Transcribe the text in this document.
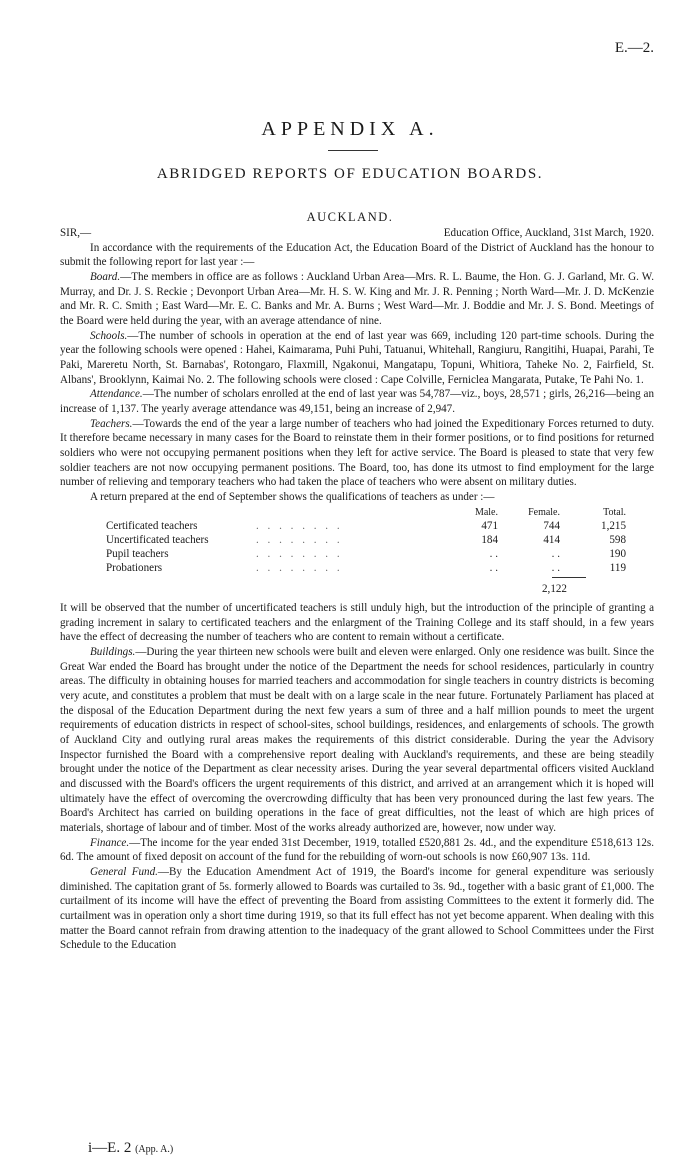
E.—2.
APPENDIX A.
ABRIDGED REPORTS OF EDUCATION BOARDS.
AUCKLAND.

SIR,—	Education Office, Auckland, 31st March, 1920.

In accordance with the requirements of the Education Act, the Education Board of the District of Auckland has the honour to submit the following report for last year :—

Board.—The members in office are as follows : Auckland Urban Area—Mrs. R. L. Baume, the Hon. G. J. Garland, Mr. G. W. Murray, and Dr. J. S. Reckie ; Devonport Urban Area—Mr. H. S. W. King and Mr. J. R. Penning ; North Ward—Mr. J. D. McKenzie and Mr. R. C. Smith ; East Ward—Mr. E. C. Banks and Mr. A. Burns ; West Ward—Mr. J. Boddie and Mr. J. S. Bond. Meetings of the Board were held during the year, with an average attendance of nine.

Schools.—The number of schools in operation at the end of last year was 669, including 120 part-time schools. During the year the following schools were opened : Hahei, Kaimarama, Puhi Puhi, Tatuanui, Whitehall, Rangiuru, Rangitihi, Huapai, Parahi, Te Paki, Mareretu North, St. Barnabas', Rotongaro, Flaxmill, Ngakonui, Mangatapu, Topuni, Whitiora, Taheke No. 2, Fairfield, St. Albans', Brooklynn, Kaimai No. 2. The following schools were closed : Cape Colville, Ferniclea Mangarata, Putake, Te Pahi No. 1.

Attendance.—The number of scholars enrolled at the end of last year was 54,787—viz., boys, 28,571 ; girls, 26,216—being an increase of 1,137. The yearly average attendance was 49,151, being an increase of 2,947.

Teachers.—Towards the end of the year a large number of teachers who had joined the Expeditionary Forces returned to duty. It therefore became necessary in many cases for the Board to reinstate them in their former positions, or to find positions for returned soldiers who were not occupying permanent positions when they left for active service. The Board is pleased to state that very few soldier teachers are not now occupying permanent positions. The Board, too, has done its utmost to find employment for the large number of relieving and temporary teachers who had taken the place of teachers who were absent on military duties.

A return prepared at the end of September shows the qualifications of teachers as under :—

		Male.	Female.	Total.
Certificated teachers	. . . . . . . .	471	744	1,215
Uncertificated teachers	. . . . . . . .	184	414	598
Pupil teachers	. . . . . . . .	. .	. .	190
Probationers	. . . . . . . .	. .	. .	119
2,122

It will be observed that the number of uncertificated teachers is still unduly high, but the introduction of the principle of granting a grading increment in salary to certificated teachers and the enlargment of the Training College and its staff should, in a few years have the effect of decreasing the number of teachers who are content to remain without a certificate.

Buildings.—During the year thirteen new schools were built and eleven were enlarged. Only one residence was built. Since the Great War ended the Board has brought under the notice of the Department the needs for school residences, particularly in country areas. The difficulty in obtaining houses for married teachers and accommodation for single teachers in country districts is becoming very acute, and constitutes a problem that must be dealt with on a large scale in the near future. Fortunately Parliament has placed at the disposal of the Education Department during the next few years a sum of three and a half million pounds to meet the urgent requirements of education districts in respect of school-sites, school buildings, residences, and enlargements of schools. The growth of Auckland City and outlying rural areas makes the requirements of this district considerable. During the year the Advisory Inspector furnished the Board with a comprehensive report dealing with Auckland's requirements, and these are being steadily brought under the notice of the Department as clear necessity arises. During the year several departmental officers visited Auckland and discussed with the Board's officers the urgent requirements of this district, and arrived at an arrangement which it is hoped will ultimately have the effect of overcoming the overcrowding difficulty that has been very pronounced during the last few years. The Board's Architect has carried on building operations in the face of great difficulties, not the least of which are high prices of materials, shortage of labour and of timber. Most of the works already authorized are, however, now under way.

Finance.—The income for the year ended 31st December, 1919, totalled £520,881 2s. 4d., and the expenditure £518,613 12s. 6d. The amount of fixed deposit on account of the fund for the rebuilding of worn-out schools is now £60,907 13s. 11d.

General Fund.—By the Education Amendment Act of 1919, the Board's income for general expenditure was seriously diminished. The capitation grant of 5s. formerly allowed to Boards was curtailed to 3s. 9d., together with a basic grant of £1,000. The curtailment of its income will have the effect of preventing the Board from assisting Committees to the extent it formerly did. The curtailment was in operation only a short time during 1919, so that its full effect has not yet become apparent. When dealing with this matter the Board cannot refrain from drawing attention to the inadequacy of the grant allowed to School Committees under the First Schedule to the Education

i—E. 2 (App. A.)
